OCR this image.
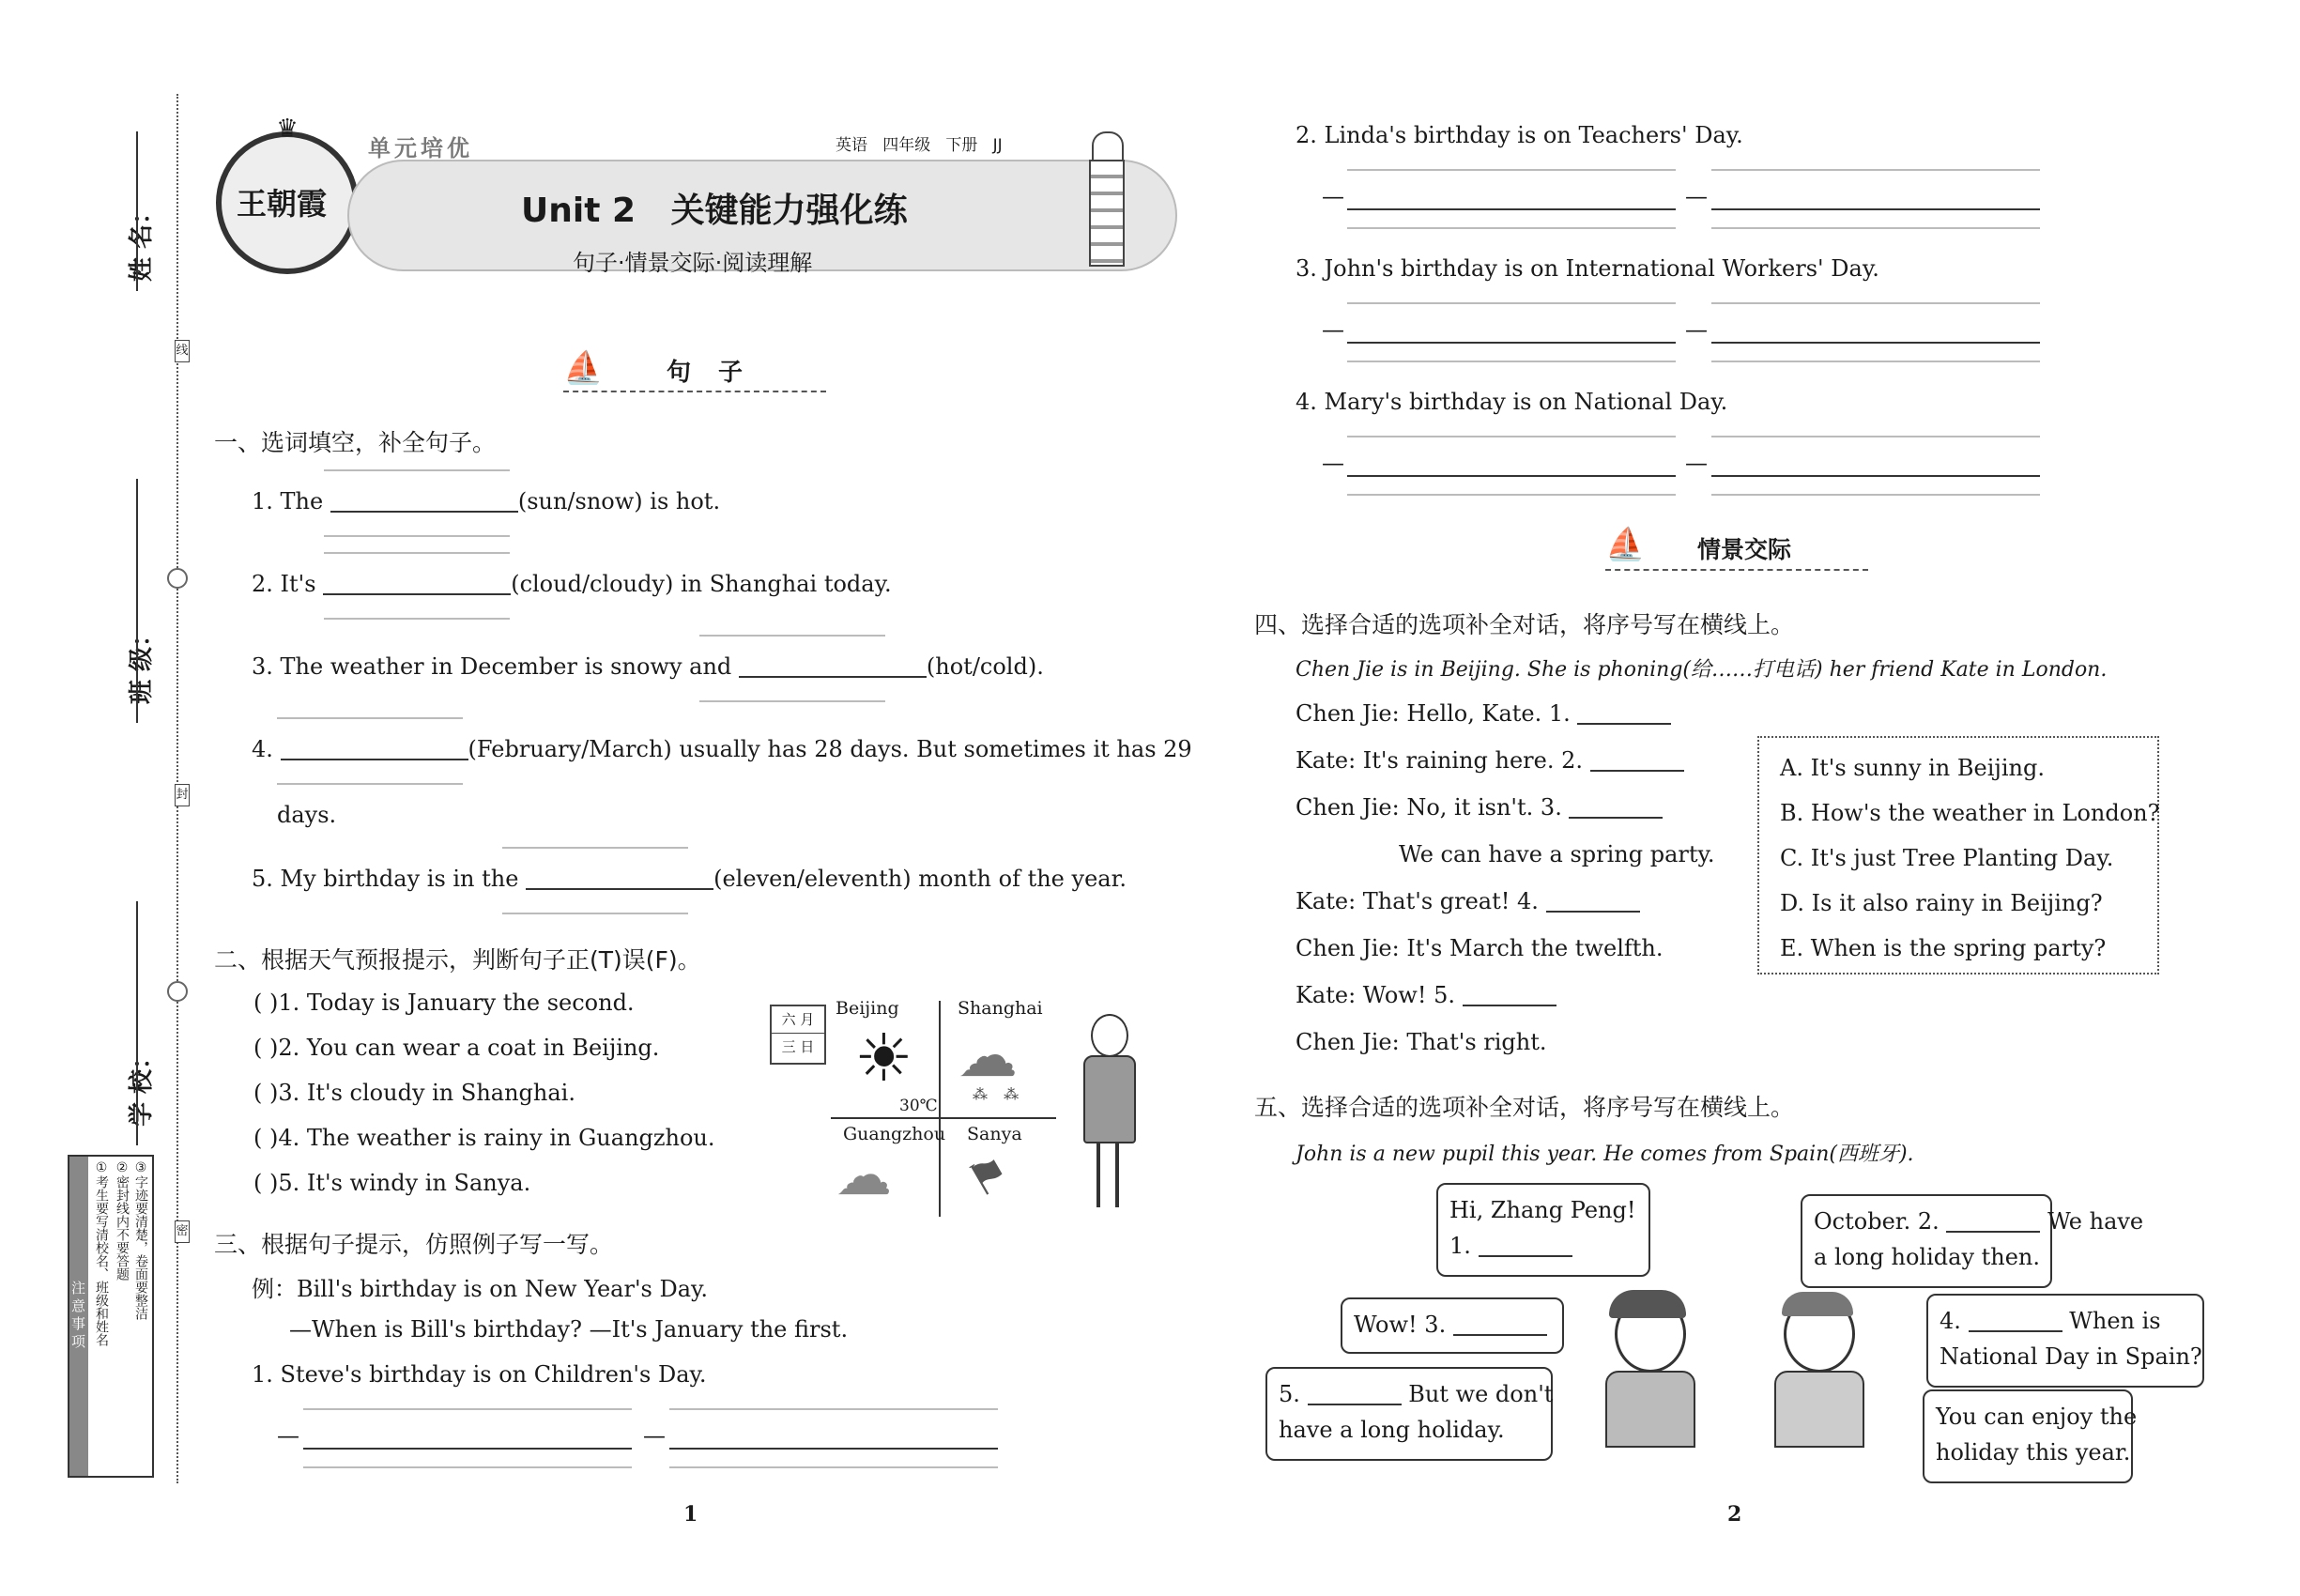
线
封
密
姓 名：
班 级：
学 校：
注意事项 ①考生要写清校名、班级和姓名 ②密封线内不要答题 ③字迹要清楚，卷面要整洁
♛
王朝霞
单元培优	英语   四年级   下册   JJ
Unit 2   关键能力强化练
句子·情景交际·阅读理解
⛵	句 子
一、选词填空，补全句子。
1. The	(sun/snow) is hot.
2. It's	(cloud/cloudy) in Shanghai today.
3. The weather in December is snowy and	(hot/cold).
4.	(February/March) usually has 28 days. But sometimes it has 29
days.
5. My birthday is in the	(eleven/eleventh) month of the year.
二、根据天气预报提示，判断句子正(T)误(F)。
( )1. Today is January the second.
( )2. You can wear a coat in Beijing.
( )3. It's cloudy in Shanghai.
( )4. The weather is rainy in Guangzhou.
( )5. It's windy in Sanya.
六 月
三 日
Beijing	Shanghai
Guangzhou Sanya
☀
30℃
☁
⁂ ⁂
☁ ⚑
三、根据句子提示，仿照例子写一写。
例：Bill's birthday is on New Year's Day.
—When is Bill's birthday? —It's January the first.
1. Steve's birthday is on Children's Day.
—	—
1
2. Linda's birthday is on Teachers' Day.
—	—
3. John's birthday is on International Workers' Day.
—	—
4. Mary's birthday is on National Day.
—	—
⛵ 情景交际
四、选择合适的选项补全对话，将序号写在横线上。
Chen Jie is in Beijing. She is phoning(给……打电话) her friend Kate in London.
Chen Jie: Hello, Kate. 1.
Kate: It's raining here. 2.
Chen Jie: No, it isn't. 3.
We can have a spring party.
Kate: That's great! 4.
Chen Jie: It's March the twelfth.
Kate: Wow! 5.
Chen Jie: That's right.
A. It's sunny in Beijing.
B. How's the weather in London?
C. It's just Tree Planting Day.
D. Is it also rainy in Beijing?
E. When is the spring party?
五、选择合适的选项补全对话，将序号写在横线上。
John is a new pupil this year. He comes from Spain(西班牙).
Hi, Zhang Peng!
1.
October. 2.	We have
a long holiday then.
Wow! 3.	4.	When is
National Day in Spain?
5.	But we don't
have a long holiday.	You can enjoy the
holiday this year.
2
